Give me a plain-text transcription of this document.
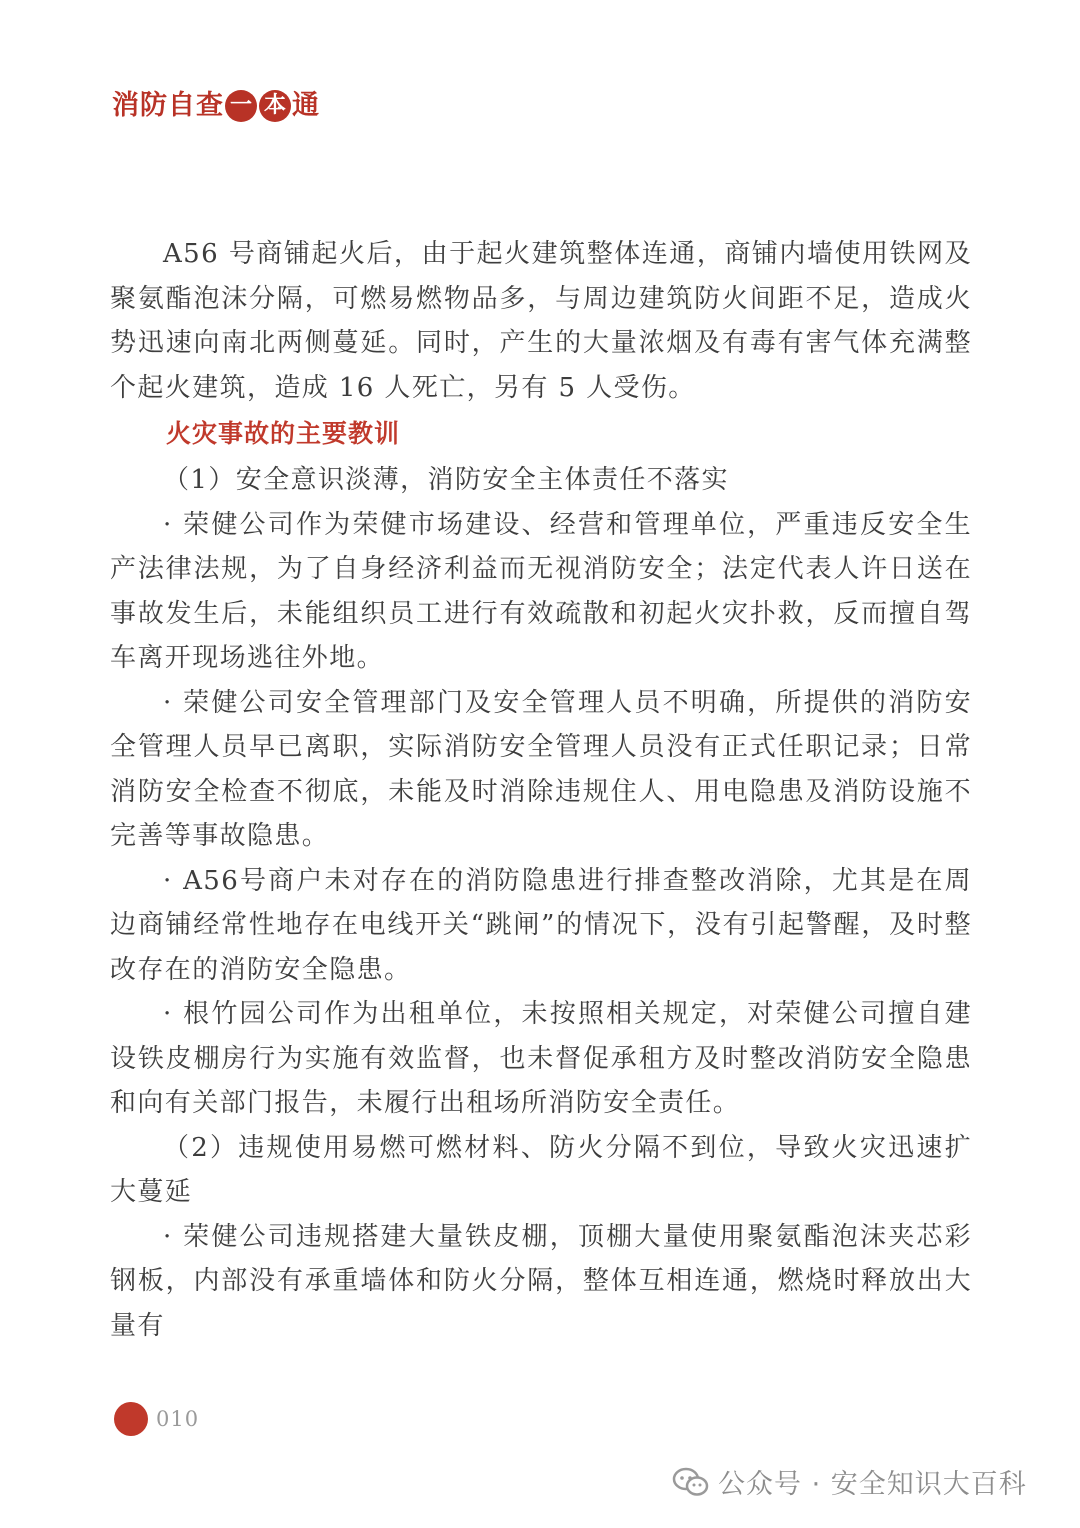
消 防 自 查 一 本 通

A56 号商铺起火后，由于起火建筑整体连通，商铺内墙使用铁网及聚氨酯泡沫分隔，可燃易燃物品多，与周边建筑防火间距不足，造成火势迅速向南北两侧蔓延。同时，产生的大量浓烟及有毒有害气体充满整个起火建筑，造成 16 人死亡，另有 5 人受伤。

火灾事故的主要教训

（1）安全意识淡薄，消防安全主体责任不落实

· 荣健公司作为荣健市场建设、经营和管理单位，严重违反安全生产法律法规，为了自身经济利益而无视消防安全；法定代表人许日送在事故发生后，未能组织员工进行有效疏散和初起火灾扑救，反而擅自驾车离开现场逃往外地。

· 荣健公司安全管理部门及安全管理人员不明确，所提供的消防安全管理人员早已离职，实际消防安全管理人员没有正式任职记录；日常消防安全检查不彻底，未能及时消除违规住人、用电隐患及消防设施不完善等事故隐患。

· A56号商户未对存在的消防隐患进行排查整改消除，尤其是在周边商铺经常性地存在电线开关“跳闸”的情况下，没有引起警醒，及时整改存在的消防安全隐患。

· 根竹园公司作为出租单位，未按照相关规定，对荣健公司擅自建设铁皮棚房行为实施有效监督，也未督促承租方及时整改消防安全隐患和向有关部门报告，未履行出租场所消防安全责任。

（2）违规使用易燃可燃材料、防火分隔不到位，导致火灾迅速扩大蔓延

· 荣健公司违规搭建大量铁皮棚，顶棚大量使用聚氨酯泡沫夹芯彩钢板，内部没有承重墙体和防火分隔，整体互相连通，燃烧时释放出大量有

010
公众号 · 安全知识大百科
